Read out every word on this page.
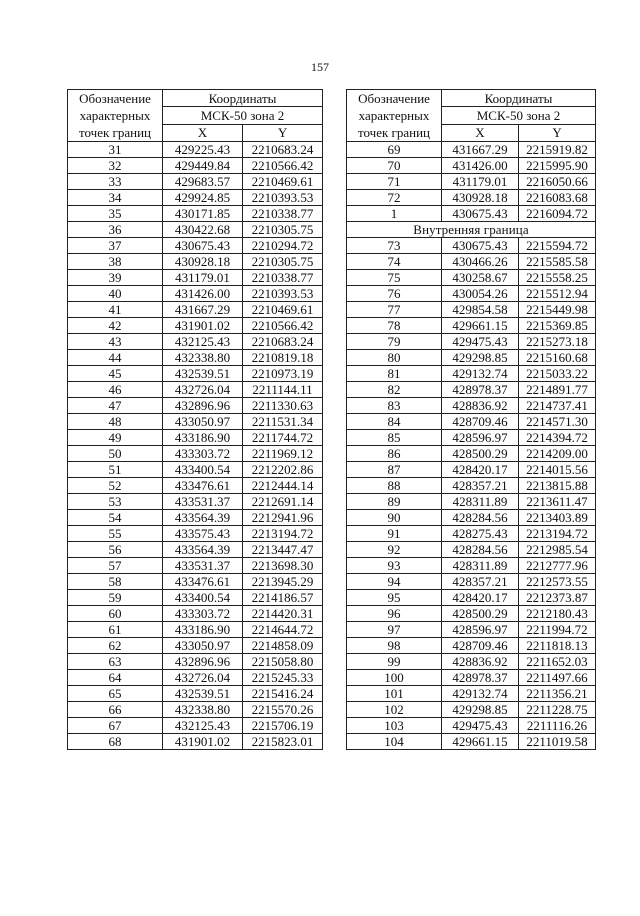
157
Обозначение
характерных
точек границ	Координаты	
	МСК-50 зона 2	
	X	Y
31	429225.43	2210683.24
32	429449.84	2210566.42
33	429683.57	2210469.61
34	429924.85	2210393.53
35	430171.85	2210338.77
36	430422.68	2210305.75
37	430675.43	2210294.72
38	430928.18	2210305.75
39	431179.01	2210338.77
40	431426.00	2210393.53
41	431667.29	2210469.61
42	431901.02	2210566.42
43	432125.43	2210683.24
44	432338.80	2210819.18
45	432539.51	2210973.19
46	432726.04	2211144.11
47	432896.96	2211330.63
48	433050.97	2211531.34
49	433186.90	2211744.72
50	433303.72	2211969.12
51	433400.54	2212202.86
52	433476.61	2212444.14
53	433531.37	2212691.14
54	433564.39	2212941.96
55	433575.43	2213194.72
56	433564.39	2213447.47
57	433531.37	2213698.30
58	433476.61	2213945.29
59	433400.54	2214186.57
60	433303.72	2214420.31
61	433186.90	2214644.72
62	433050.97	2214858.09
63	432896.96	2215058.80
64	432726.04	2215245.33
65	432539.51	2215416.24
66	432338.80	2215570.26
67	432125.43	2215706.19
68	431901.02	2215823.01
Обозначение
характерных
точек границ	Координаты	
	МСК-50 зона 2	
	X	Y
69	431667.29	2215919.82
70	431426.00	2215995.90
71	431179.01	2216050.66
72	430928.18	2216083.68
1	430675.43	2216094.72
Внутренняя граница		
73	430675.43	2215594.72
74	430466.26	2215585.58
75	430258.67	2215558.25
76	430054.26	2215512.94
77	429854.58	2215449.98
78	429661.15	2215369.85
79	429475.43	2215273.18
80	429298.85	2215160.68
81	429132.74	2215033.22
82	428978.37	2214891.77
83	428836.92	2214737.41
84	428709.46	2214571.30
85	428596.97	2214394.72
86	428500.29	2214209.00
87	428420.17	2214015.56
88	428357.21	2213815.88
89	428311.89	2213611.47
90	428284.56	2213403.89
91	428275.43	2213194.72
92	428284.56	2212985.54
93	428311.89	2212777.96
94	428357.21	2212573.55
95	428420.17	2212373.87
96	428500.29	2212180.43
97	428596.97	2211994.72
98	428709.46	2211818.13
99	428836.92	2211652.03
100	428978.37	2211497.66
101	429132.74	2211356.21
102	429298.85	2211228.75
103	429475.43	2211116.26
104	429661.15	2211019.58
